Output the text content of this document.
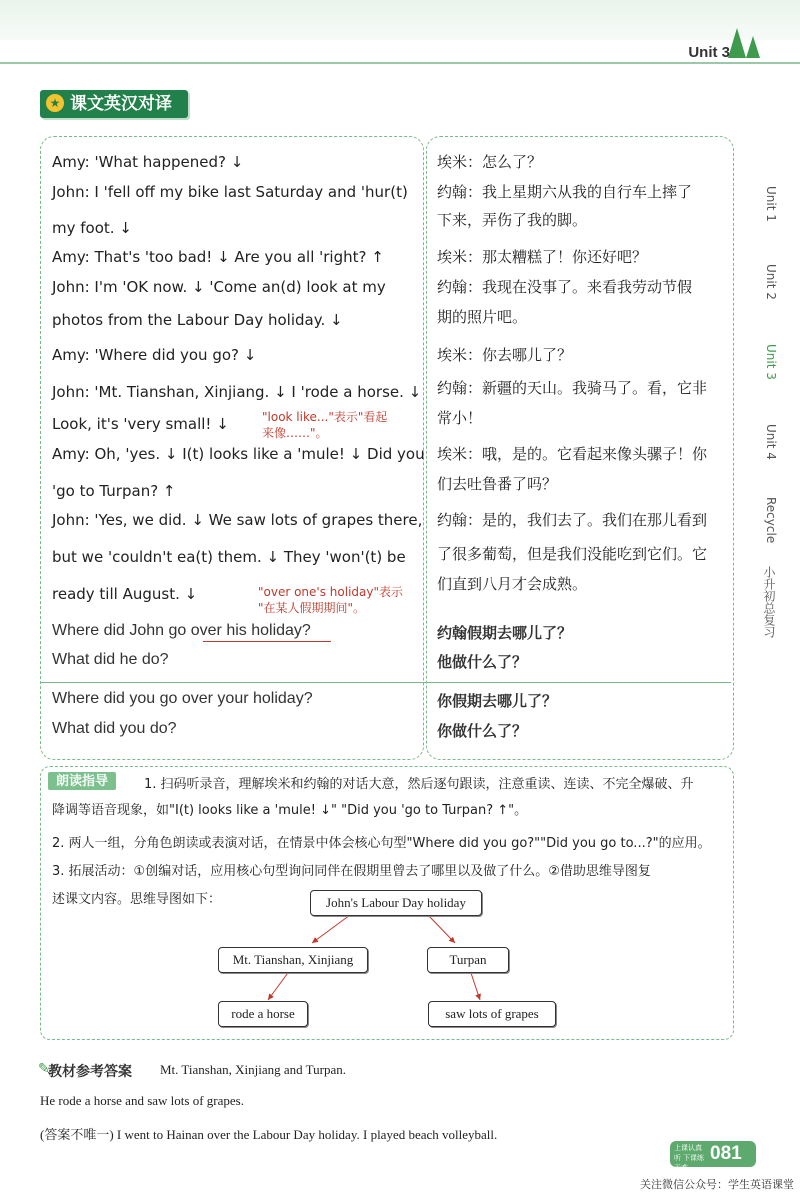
Unit 3
★ 课文英汉对译
Amy: 'What happened? ↓
John: I 'fell off my bike last Saturday and 'hur(t)
my foot. ↓
Amy: That's 'too bad! ↓ Are you all 'right? ↑
John: I'm 'OK now. ↓ 'Come an(d) look at my
photos from the Labour Day holiday. ↓
Amy: 'Where did you go? ↓
John: 'Mt. Tianshan, Xinjiang. ↓ I 'rode a horse. ↓
Look, it's 'very small! ↓
Amy: Oh, 'yes. ↓ I(t) looks like a 'mule! ↓ Did you
'go to Turpan? ↑
John: 'Yes, we did. ↓ We saw lots of grapes there,
but we 'couldn't ea(t) them. ↓ They 'won'(t) be
ready till August. ↓
"look like..."表示"看起
来像……"。
"over one's holiday"表示
"在某人假期期间"。
埃米：怎么了？
约翰：我上星期六从我的自行车上摔了
下来，弄伤了我的脚。
埃米：那太糟糕了！你还好吧？
约翰：我现在没事了。来看我劳动节假
期的照片吧。
埃米：你去哪儿了？
约翰：新疆的天山。我骑马了。看，它非
常小！
埃米：哦，是的。它看起来像头骡子！你
们去吐鲁番了吗？
约翰：是的，我们去了。我们在那儿看到
了很多葡萄，但是我们没能吃到它们。它
们直到八月才会成熟。
Where did John go over his holiday?
What did he do?
约翰假期去哪儿了？
他做什么了？
Where did you go over your holiday?
What did you do?
你假期去哪儿了？
你做什么了？
Unit 1
Unit 2
Unit 3
Unit 4
Recycle
小升初总复习
朗读指导	1. 扫码听录音，理解埃米和约翰的对话大意，然后逐句跟读，注意重读、连读、不完全爆破、升
降调等语音现象，如"I(t) looks like a 'mule! ↓" "Did you 'go to Turpan? ↑"。
2. 两人一组，分角色朗读或表演对话，在情景中体会核心句型"Where did you go?""Did you go to...?"的应用。
3. 拓展活动：①创编对话，应用核心句型询问同伴在假期里曾去了哪里以及做了什么。②借助思维导图复
述课文内容。思维导图如下：	John's Labour Day holiday
Mt. Tianshan, Xinjiang	Turpan
rode a horse	saw lots of grapes
✎
教材参考答案 Mt. Tianshan, Xinjiang and Turpan.
He rode a horse and saw lots of grapes.
(答案不唯一) I went to Hainan over the Labour Day holiday. I played beach volleyball.
上课认真听 下课练无难
081
关注微信公众号：学生英语课堂
